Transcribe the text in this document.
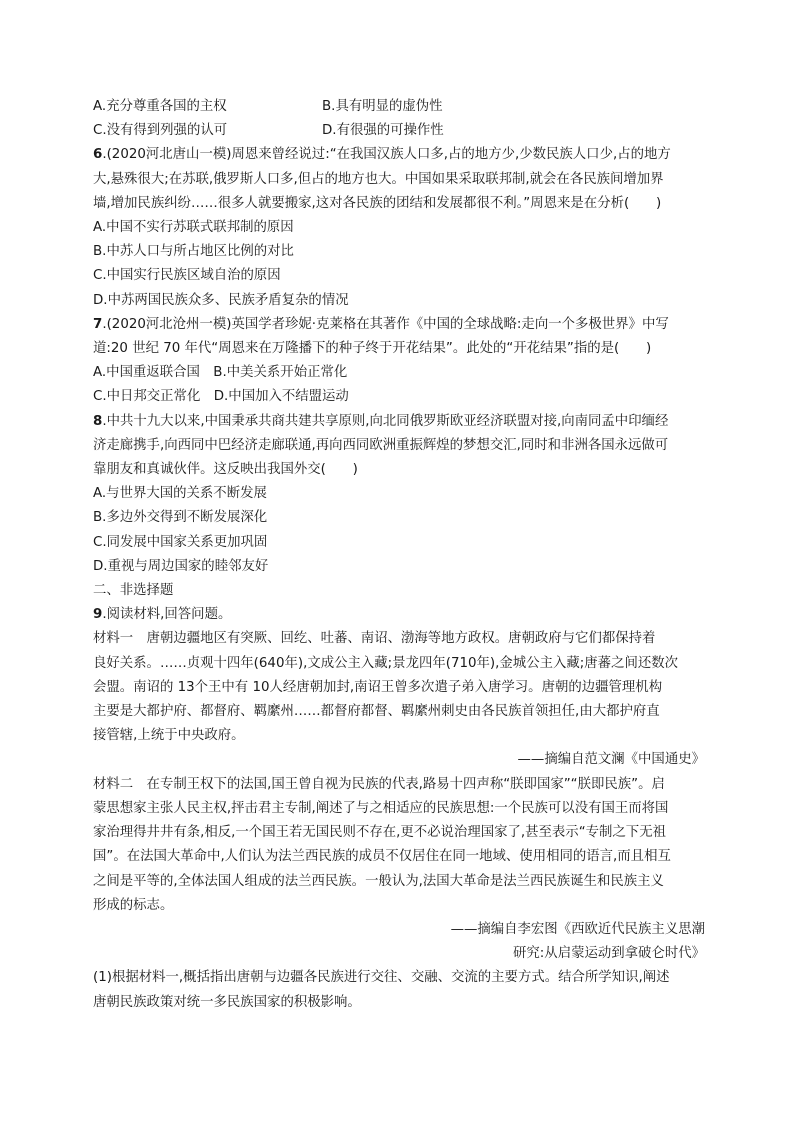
A.充分尊重各国的主权	B.具有明显的虚伪性
C.没有得到列强的认可	D.有很强的可操作性
6.(2020河北唐山一模)周恩来曾经说过:“在我国汉族人口多,占的地方少,少数民族人口少,占的地方
大,悬殊很大;在苏联,俄罗斯人口多,但占的地方也大。中国如果采取联邦制,就会在各民族间增加界
墙,增加民族纠纷……很多人就要搬家,这对各民族的团结和发展都很不利。”周恩来是在分析(　　)
A.中国不实行苏联式联邦制的原因
B.中苏人口与所占地区比例的对比
C.中国实行民族区域自治的原因
D.中苏两国民族众多、民族矛盾复杂的情况
7.(2020河北沧州一模)英国学者珍妮·克莱格在其著作《中国的全球战略:走向一个多极世界》中写
道:20 世纪 70 年代“周恩来在万隆播下的种子终于开花结果”。此处的“开花结果”指的是(　　)
A.中国重返联合国　B.中美关系开始正常化
C.中日邦交正常化　D.中国加入不结盟运动
8.中共十九大以来,中国秉承共商共建共享原则,向北同俄罗斯欧亚经济联盟对接,向南同孟中印缅经
济走廊携手,向西同中巴经济走廊联通,再向西同欧洲重振辉煌的梦想交汇,同时和非洲各国永远做可
靠朋友和真诚伙伴。这反映出我国外交(　　)
A.与世界大国的关系不断发展
B.多边外交得到不断发展深化
C.同发展中国家关系更加巩固
D.重视与周边国家的睦邻友好
二、非选择题
9.阅读材料,回答问题。
材料一　唐朝边疆地区有突厥、回纥、吐蕃、南诏、渤海等地方政权。唐朝政府与它们都保持着
良好关系。……贞观十四年(640年),文成公主入藏;景龙四年(710年),金城公主入藏;唐蕃之间还数次
会盟。南诏的 13个王中有 10人经唐朝加封,南诏王曾多次遣子弟入唐学习。唐朝的边疆管理机构
主要是大都护府、都督府、羁縻州……都督府都督、羁縻州刺史由各民族首领担任,由大都护府直
接管辖,上统于中央政府。
——摘编自范文澜《中国通史》
材料二　在专制王权下的法国,国王曾自视为民族的代表,路易十四声称“朕即国家”“朕即民族”。启
蒙思想家主张人民主权,抨击君主专制,阐述了与之相适应的民族思想:一个民族可以没有国王而将国
家治理得井井有条,相反,一个国王若无国民则不存在,更不必说治理国家了,甚至表示“专制之下无祖
国”。在法国大革命中,人们认为法兰西民族的成员不仅居住在同一地域、使用相同的语言,而且相互
之间是平等的,全体法国人组成的法兰西民族。一般认为,法国大革命是法兰西民族诞生和民族主义
形成的标志。
——摘编自李宏图《西欧近代民族主义思潮
研究:从启蒙运动到拿破仑时代》
(1)根据材料一,概括指出唐朝与边疆各民族进行交往、交融、交流的主要方式。结合所学知识,阐述
唐朝民族政策对统一多民族国家的积极影响。
